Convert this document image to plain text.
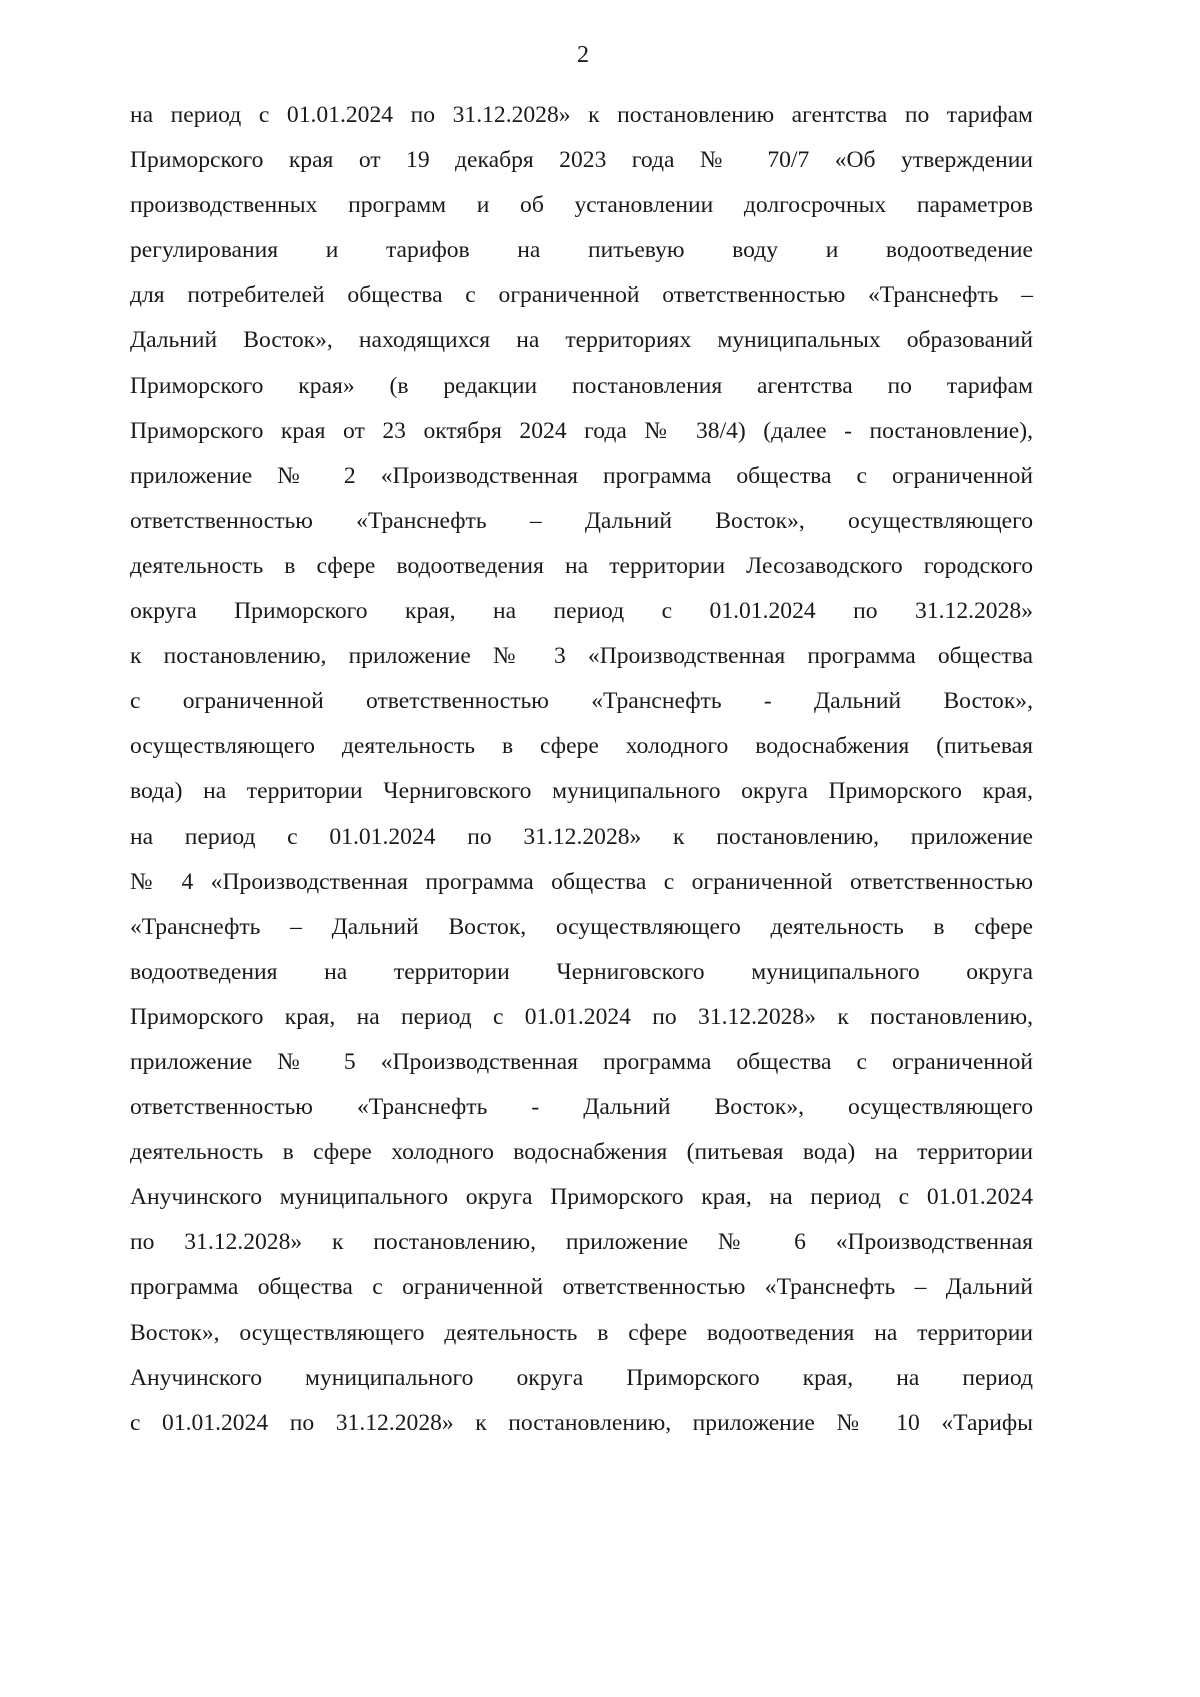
2
на период с 01.01.2024 по 31.12.2028» к постановлению агентства по тарифам
Приморского края от 19 декабря 2023 года № 70/7 «Об утверждении
производственных программ и об установлении долгосрочных параметров
регулирования и тарифов на питьевую воду и водоотведение
для потребителей общества с ограниченной ответственностью «Транснефть –
Дальний Восток», находящихся на территориях муниципальных образований
Приморского края» (в редакции постановления агентства по тарифам
Приморского края от 23 октября 2024 года № 38/4) (далее - постановление),
приложение № 2 «Производственная программа общества с ограниченной
ответственностью «Транснефть – Дальний Восток», осуществляющего
деятельность в сфере водоотведения на территории Лесозаводского городского
округа Приморского края, на период с 01.01.2024 по 31.12.2028»
к постановлению, приложение № 3 «Производственная программа общества
с ограниченной ответственностью «Транснефть - Дальний Восток»,
осуществляющего деятельность в сфере холодного водоснабжения (питьевая
вода) на территории Черниговского муниципального округа Приморского края,
на период с 01.01.2024 по 31.12.2028» к постановлению, приложение
№ 4 «Производственная программа общества с ограниченной ответственностью
«Транснефть – Дальний Восток, осуществляющего деятельность в сфере
водоотведения на территории Черниговского муниципального округа
Приморского края, на период с 01.01.2024 по 31.12.2028» к постановлению,
приложение № 5 «Производственная программа общества с ограниченной
ответственностью «Транснефть - Дальний Восток», осуществляющего
деятельность в сфере холодного водоснабжения (питьевая вода) на территории
Анучинского муниципального округа Приморского края, на период с 01.01.2024
по 31.12.2028» к постановлению, приложение № 6 «Производственная
программа общества с ограниченной ответственностью «Транснефть – Дальний
Восток», осуществляющего деятельность в сфере водоотведения на территории
Анучинского муниципального округа Приморского края, на период
с 01.01.2024 по 31.12.2028» к постановлению, приложение № 10 «Тарифы
